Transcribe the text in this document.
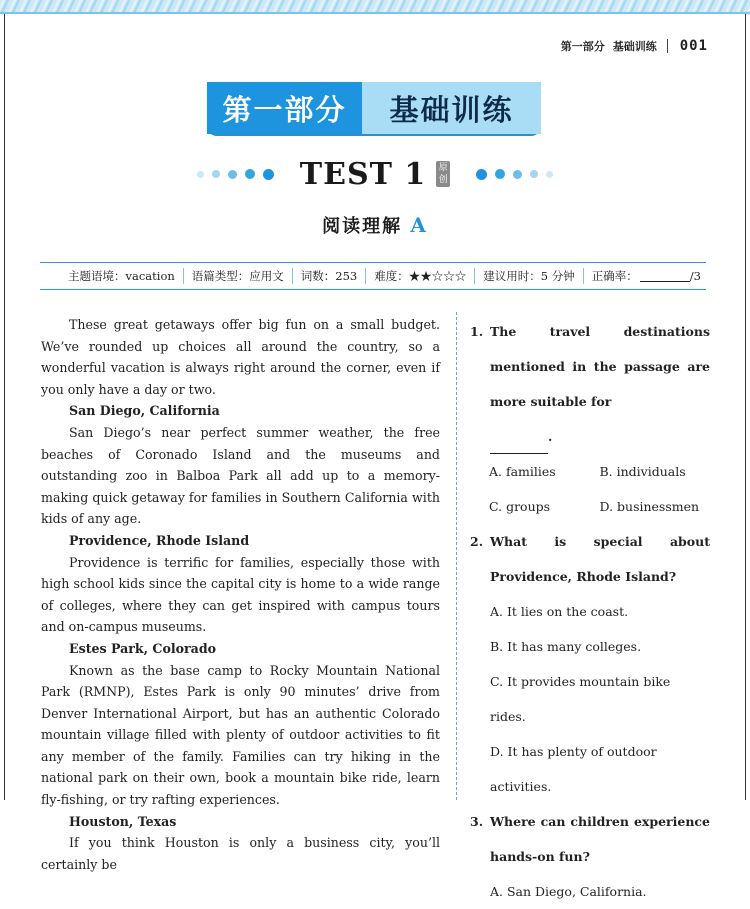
第一部分 基础训练 001
第一部分	基础训练
TEST 1 原
创
阅读理解 A
主题语境：vacation	语篇类型：应用文	词数：253	难度：★★☆☆☆	建议用时：5 分钟	正确率：	/3

These great getaways offer big fun on a small budget. We’ve rounded up choices all around the country, so a wonderful vacation is always right around the corner, even if you only have a day or two.

San Diego, California

San Diego’s near perfect summer weather, the free beaches of Coronado Island and the museums and outstanding zoo in Balboa Park all add up to a memory-making quick getaway for families in Southern California with kids of any age.

Providence, Rhode Island

Providence is terrific for families, especially those with high school kids since the capital city is home to a wide range of colleges, where they can get inspired with campus tours and on-campus museums.

Estes Park, Colorado

Known as the base camp to Rocky Mountain National Park (RMNP), Estes Park is only 90 minutes’ drive from Denver International Airport, but has an authentic Colorado mountain village filled with plenty of outdoor activities to fit any member of the family. Families can try hiking in the national park on their own, book a mountain bike ride, learn fly-fishing, or try rafting experiences.

Houston, Texas

If you think Houston is only a business city, you’ll certainly be

1. The travel destinations mentioned in the passage are more suitable for
.
A. families	B. individuals
C. groups	D. businessmen
2. What is special about Providence, Rhode Island?
A. It lies on the coast.
B. It has many colleges.
C. It provides mountain bike rides.
D. It has plenty of outdoor activities.
3. Where can children experience hands-on fun?
A. San Diego, California.
